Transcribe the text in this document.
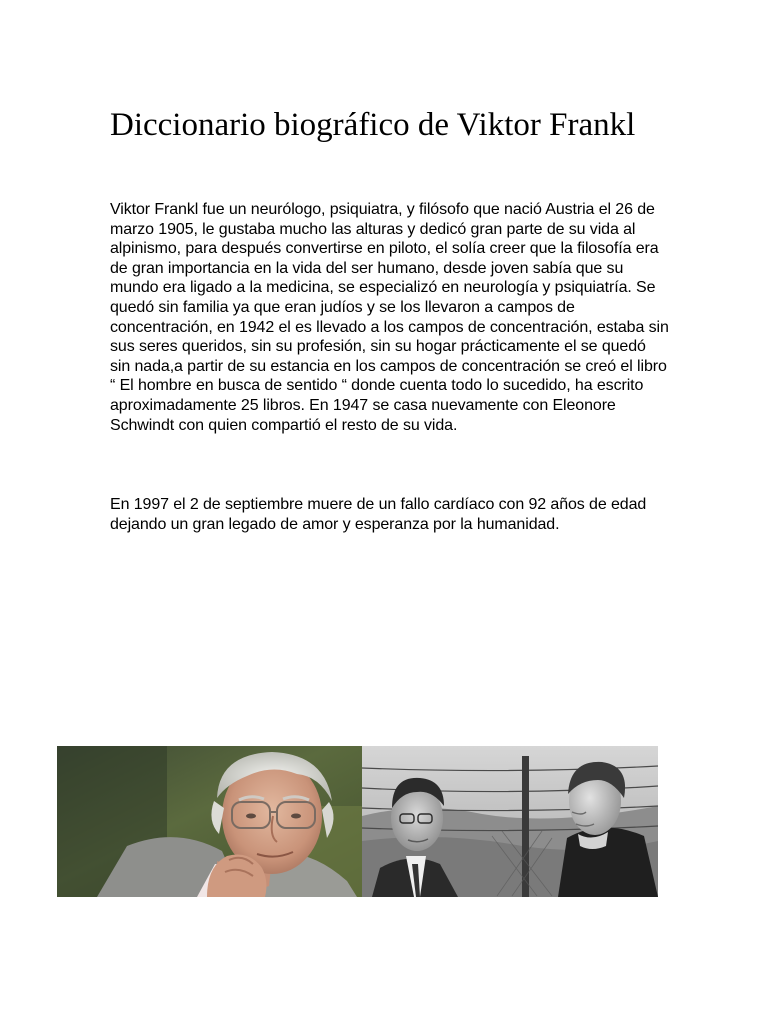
Diccionario biográfico de Viktor Frankl

Viktor Frankl fue un neurólogo, psiquiatra, y filósofo que nació Austria el 26 de marzo 1905, le gustaba mucho las alturas y dedicó gran parte de su vida al alpinismo, para después convertirse en piloto, el solía creer que la filosofía era de gran importancia en la vida del ser humano, desde joven sabía que su mundo era ligado a la medicina, se especializó en neurología y psiquiatría. Se quedó sin familia ya que eran judíos y se los llevaron a campos de concentración, en 1942 el es llevado a los campos de concentración, estaba sin sus seres queridos, sin su profesión, sin su hogar prácticamente el se quedó sin nada,a partir de su estancia en los campos de concentración se creó el libro “ El hombre en busca de sentido “ donde cuenta todo lo sucedido, ha escrito aproximadamente 25 libros. En 1947 se casa nuevamente con Eleonore Schwindt con quien compartió el resto de su vida.

En 1997 el 2 de septiembre muere de un fallo cardíaco con 92 años de edad dejando un gran legado de amor y esperanza por la humanidad.
